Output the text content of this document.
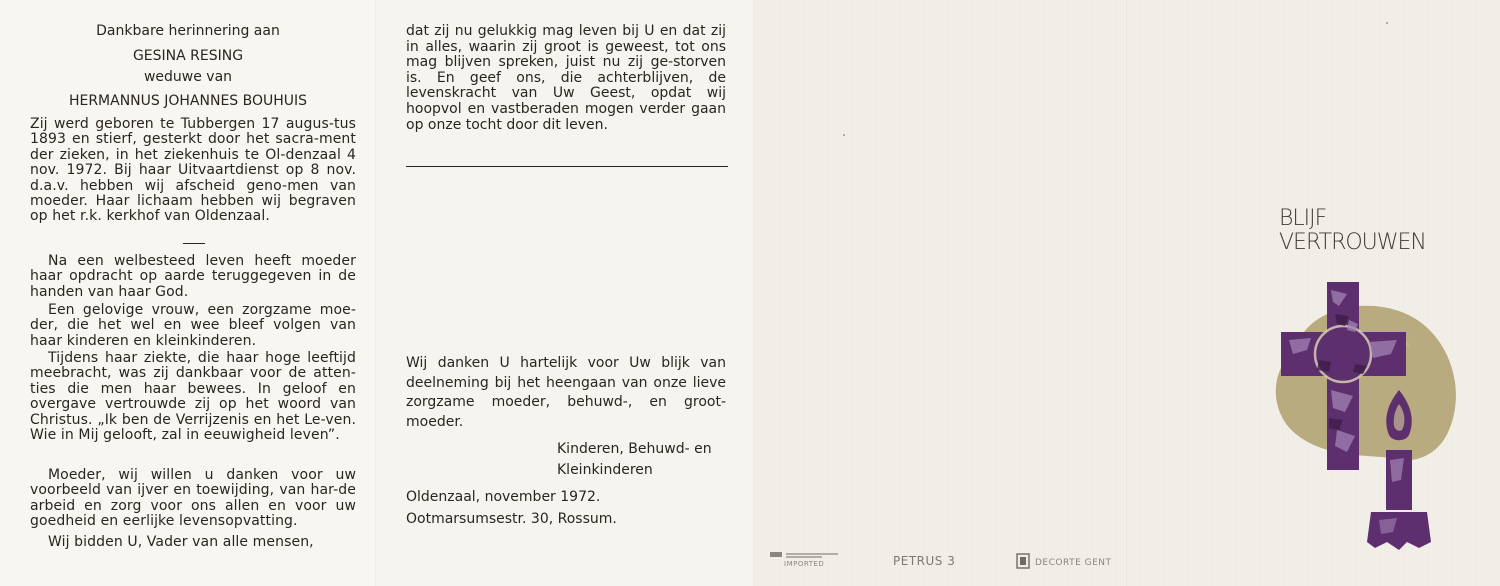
Dankbare herinnering aan
GESINA RESING
weduwe van
HERMANNUS JOHANNES BOUHUIS
Zij werd geboren te Tubbergen 17 augus-tus 1893 en stierf, gesterkt door het sacra-ment der zieken, in het ziekenhuis te Ol-denzaal 4 nov. 1972. Bij haar Uitvaartdienst op 8 nov. d.a.v. hebben wij afscheid geno-men van moeder. Haar lichaam hebben wij begraven op het r.k. kerkhof van Oldenzaal.
Na een welbesteed leven heeft moeder haar opdracht op aarde teruggegeven in de handen van haar God.
Een gelovige vrouw, een zorgzame moe-der, die het wel en wee bleef volgen van haar kinderen en kleinkinderen.
Tijdens haar ziekte, die haar hoge leeftijd meebracht, was zij dankbaar voor de atten-ties die men haar bewees. In geloof en overgave vertrouwde zij op het woord van Christus. „Ik ben de Verrijzenis en het Le-ven. Wie in Mij gelooft, zal in eeuwigheid leven”.
Moeder, wij willen u danken voor uw voorbeeld van ijver en toewijding, van har-de arbeid en zorg voor ons allen en voor uw goedheid en eerlijke levensopvatting.
Wij bidden U, Vader van alle mensen,
dat zij nu gelukkig mag leven bij U en dat zij in alles, waarin zij groot is geweest, tot ons mag blijven spreken, juist nu zij ge-storven is. En geef ons, die achterblijven, de levenskracht van Uw Geest, opdat wij hoopvol en vastberaden mogen verder gaan op onze tocht door dit leven.
Wij danken U hartelijk voor Uw blijk van deelneming bij het heengaan van onze lieve zorgzame moeder, behuwd-, en groot-moeder.
Kinderen, Behuwd- en
Kleinkinderen
Oldenzaal, november 1972.
Ootmarsumsestr. 30, Rossum.
BLIJF
VERTROUWEN
IMPORTED	PETRUS 3	DECORTE GENT
